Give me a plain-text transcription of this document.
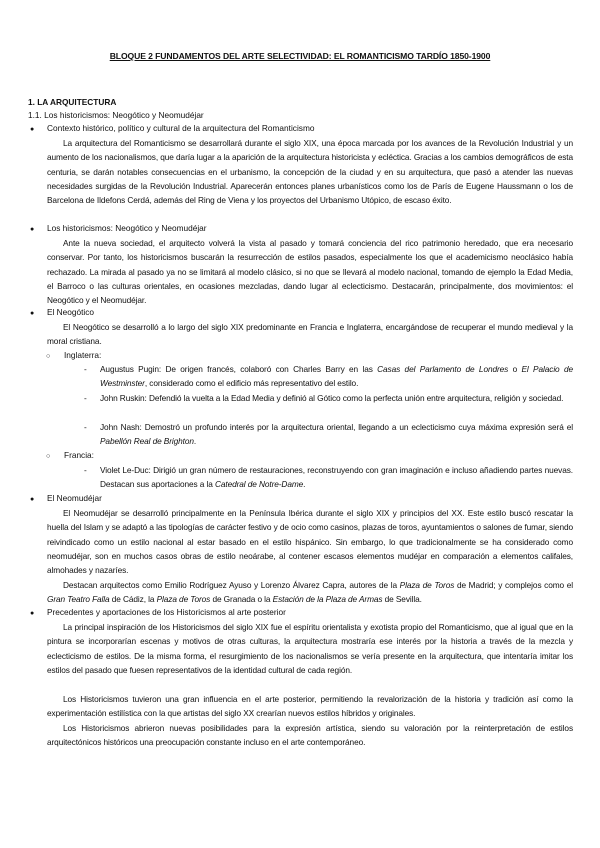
BLOQUE 2 FUNDAMENTOS DEL ARTE SELECTIVIDAD: EL ROMANTICISMO TARDÍO 1850-1900
1. LA ARQUITECTURA
1.1. Los historicismos: Neogótico y Neomudéjar
● Contexto histórico, político y cultural de la arquitectura del Romanticismo

La arquitectura del Romanticismo se desarrollará durante el siglo XIX, una época marcada por los avances de la Revolución Industrial y un aumento de los nacionalismos, que daría lugar a la aparición de la arquitectura historicista y ecléctica. Gracias a los cambios demográficos de esta centuria, se darán notables consecuencias en el urbanismo, la concepción de la ciudad y en su arquitectura, que pasó a atender las nuevas necesidades surgidas de la Revolución Industrial. Aparecerán entonces planes urbanísticos como los de París de Eugene Haussmann o los de Barcelona de Ildefons Cerdá, además del Ring de Viena y los proyectos del Urbanismo Utópico, de escaso éxito.

● Los historicismos: Neogótico y Neomudéjar

Ante la nueva sociedad, el arquitecto volverá la vista al pasado y tomará conciencia del rico patrimonio heredado, que era necesario conservar. Por tanto, los historicismos buscarán la resurrección de estilos pasados, especialmente los que el academicismo neoclásico había rechazado. La mirada al pasado ya no se limitará al modelo clásico, si no que se llevará al modelo nacional, tomando de ejemplo la Edad Media, el Barroco o las culturas orientales, en ocasiones mezcladas, dando lugar al eclecticismo. Destacarán, principalmente, dos movimientos: el Neogótico y el Neomudéjar.

● El Neogótico

El Neogótico se desarrolló a lo largo del siglo XIX predominante en Francia e Inglaterra, encargándose de recuperar el mundo medieval y la moral cristiana.

○ Inglaterra:
- Augustus Pugin: De origen francés, colaboró con Charles Barry en las Casas del Parlamento de Londres o El Palacio de Westminster, considerado como el edificio más representativo del estilo.
- John Ruskin: Defendió la vuelta a la Edad Media y definió al Gótico como la perfecta unión entre arquitectura, religión y sociedad.
- John Nash: Demostró un profundo interés por la arquitectura oriental, llegando a un eclecticismo cuya máxima expresión será el Pabellón Real de Brighton.
○ Francia:
- Violet Le-Duc: Dirigió un gran número de restauraciones, reconstruyendo con gran imaginación e incluso añadiendo partes nuevas. Destacan sus aportaciones a la Catedral de Notre-Dame.
● El Neomudéjar

El Neomudéjar se desarrolló principalmente en la Península Ibérica durante el siglo XIX y principios del XX. Este estilo buscó rescatar la huella del Islam y se adaptó a las tipologías de carácter festivo y de ocio como casinos, plazas de toros, ayuntamientos o salones de fumar, siendo reivindicado como un estilo nacional al estar basado en el estilo hispánico. Sin embargo, lo que tradicionalmente se ha considerado como neomudéjar, son en muchos casos obras de estilo neoárabe, al contener escasos elementos mudéjar en comparación a elementos califales, almohades y nazaríes.

Destacan arquitectos como Emilio Rodríguez Ayuso y Lorenzo Álvarez Capra, autores de la Plaza de Toros de Madrid; y complejos como el Gran Teatro Falla de Cádiz, la Plaza de Toros de Granada o la Estación de la Plaza de Armas de Sevilla.

● Precedentes y aportaciones de los Historicismos al arte posterior

La principal inspiración de los Historicismos del siglo XIX fue el espíritu orientalista y exotista propio del Romanticismo, que al igual que en la pintura se incorporarían escenas y motivos de otras culturas, la arquitectura mostraría ese interés por la historia a través de la mezcla y eclecticismo de estilos. De la misma forma, el resurgimiento de los nacionalismos se vería presente en la arquitectura, que intentaría imitar los estilos del pasado que fuesen representativos de la identidad cultural de cada región.

Los Historicismos tuvieron una gran influencia en el arte posterior, permitiendo la revalorización de la historia y tradición así como la experimentación estilística con la que artistas del siglo XX crearían nuevos estilos híbridos y originales.

Los Historicismos abrieron nuevas posibilidades para la expresión artística, siendo su valoración por la reinterpretación de estilos arquitectónicos históricos una preocupación constante incluso en el arte contemporáneo.
